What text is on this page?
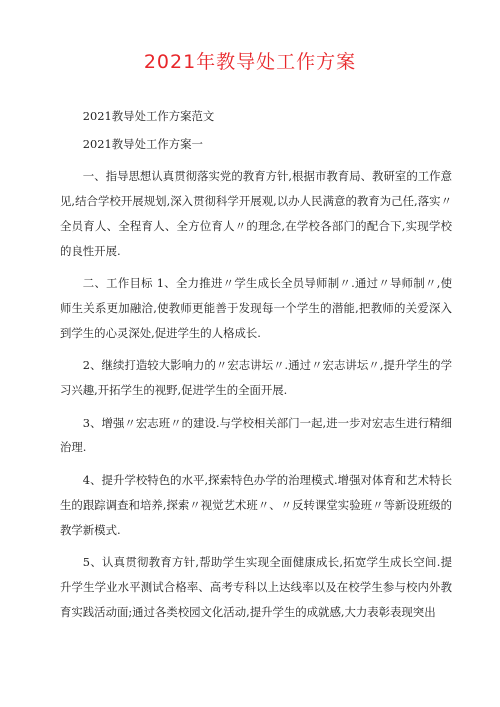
2021年教导处工作方案

2021教导处工作方案范文

2021教导处工作方案一

一、指导思想认真贯彻落实党的教育方针,根据市教育局、教研室的工作意见,结合学校开展规划,深入贯彻科学开展观,以办人民满意的教育为己任,落实〃全员育人、全程育人、全方位育人〃的理念,在学校各部门的配合下,实现学校的良性开展.

二、工作目标 1、全力推进〃学生成长全员导师制〃.通过〃导师制〃,使师生关系更加融洽,使教师更能善于发现每一个学生的潜能,把教师的关爱深入到学生的心灵深处,促进学生的人格成长.

2、继续打造较大影响力的〃宏志讲坛〃.通过〃宏志讲坛〃,提升学生的学习兴趣,开拓学生的视野,促进学生的全面开展.

3、增强〃宏志班〃的建设.与学校相关部门一起,进一步对宏志生进行精细治理.

4、提升学校特色的水平,探索特色办学的治理模式.增强对体育和艺术特长生的跟踪调查和培养,探索〃视觉艺术班〃、〃反转课堂实验班〃等新设班级的教学新模式.

5、认真贯彻教育方针,帮助学生实现全面健康成长,拓宽学生成长空间.提升学生学业水平测试合格率、高考专科以上达线率以及在校学生参与校内外教育实践活动面;通过各类校园文化活动,提升学生的成就感,大力表彰表现突出
